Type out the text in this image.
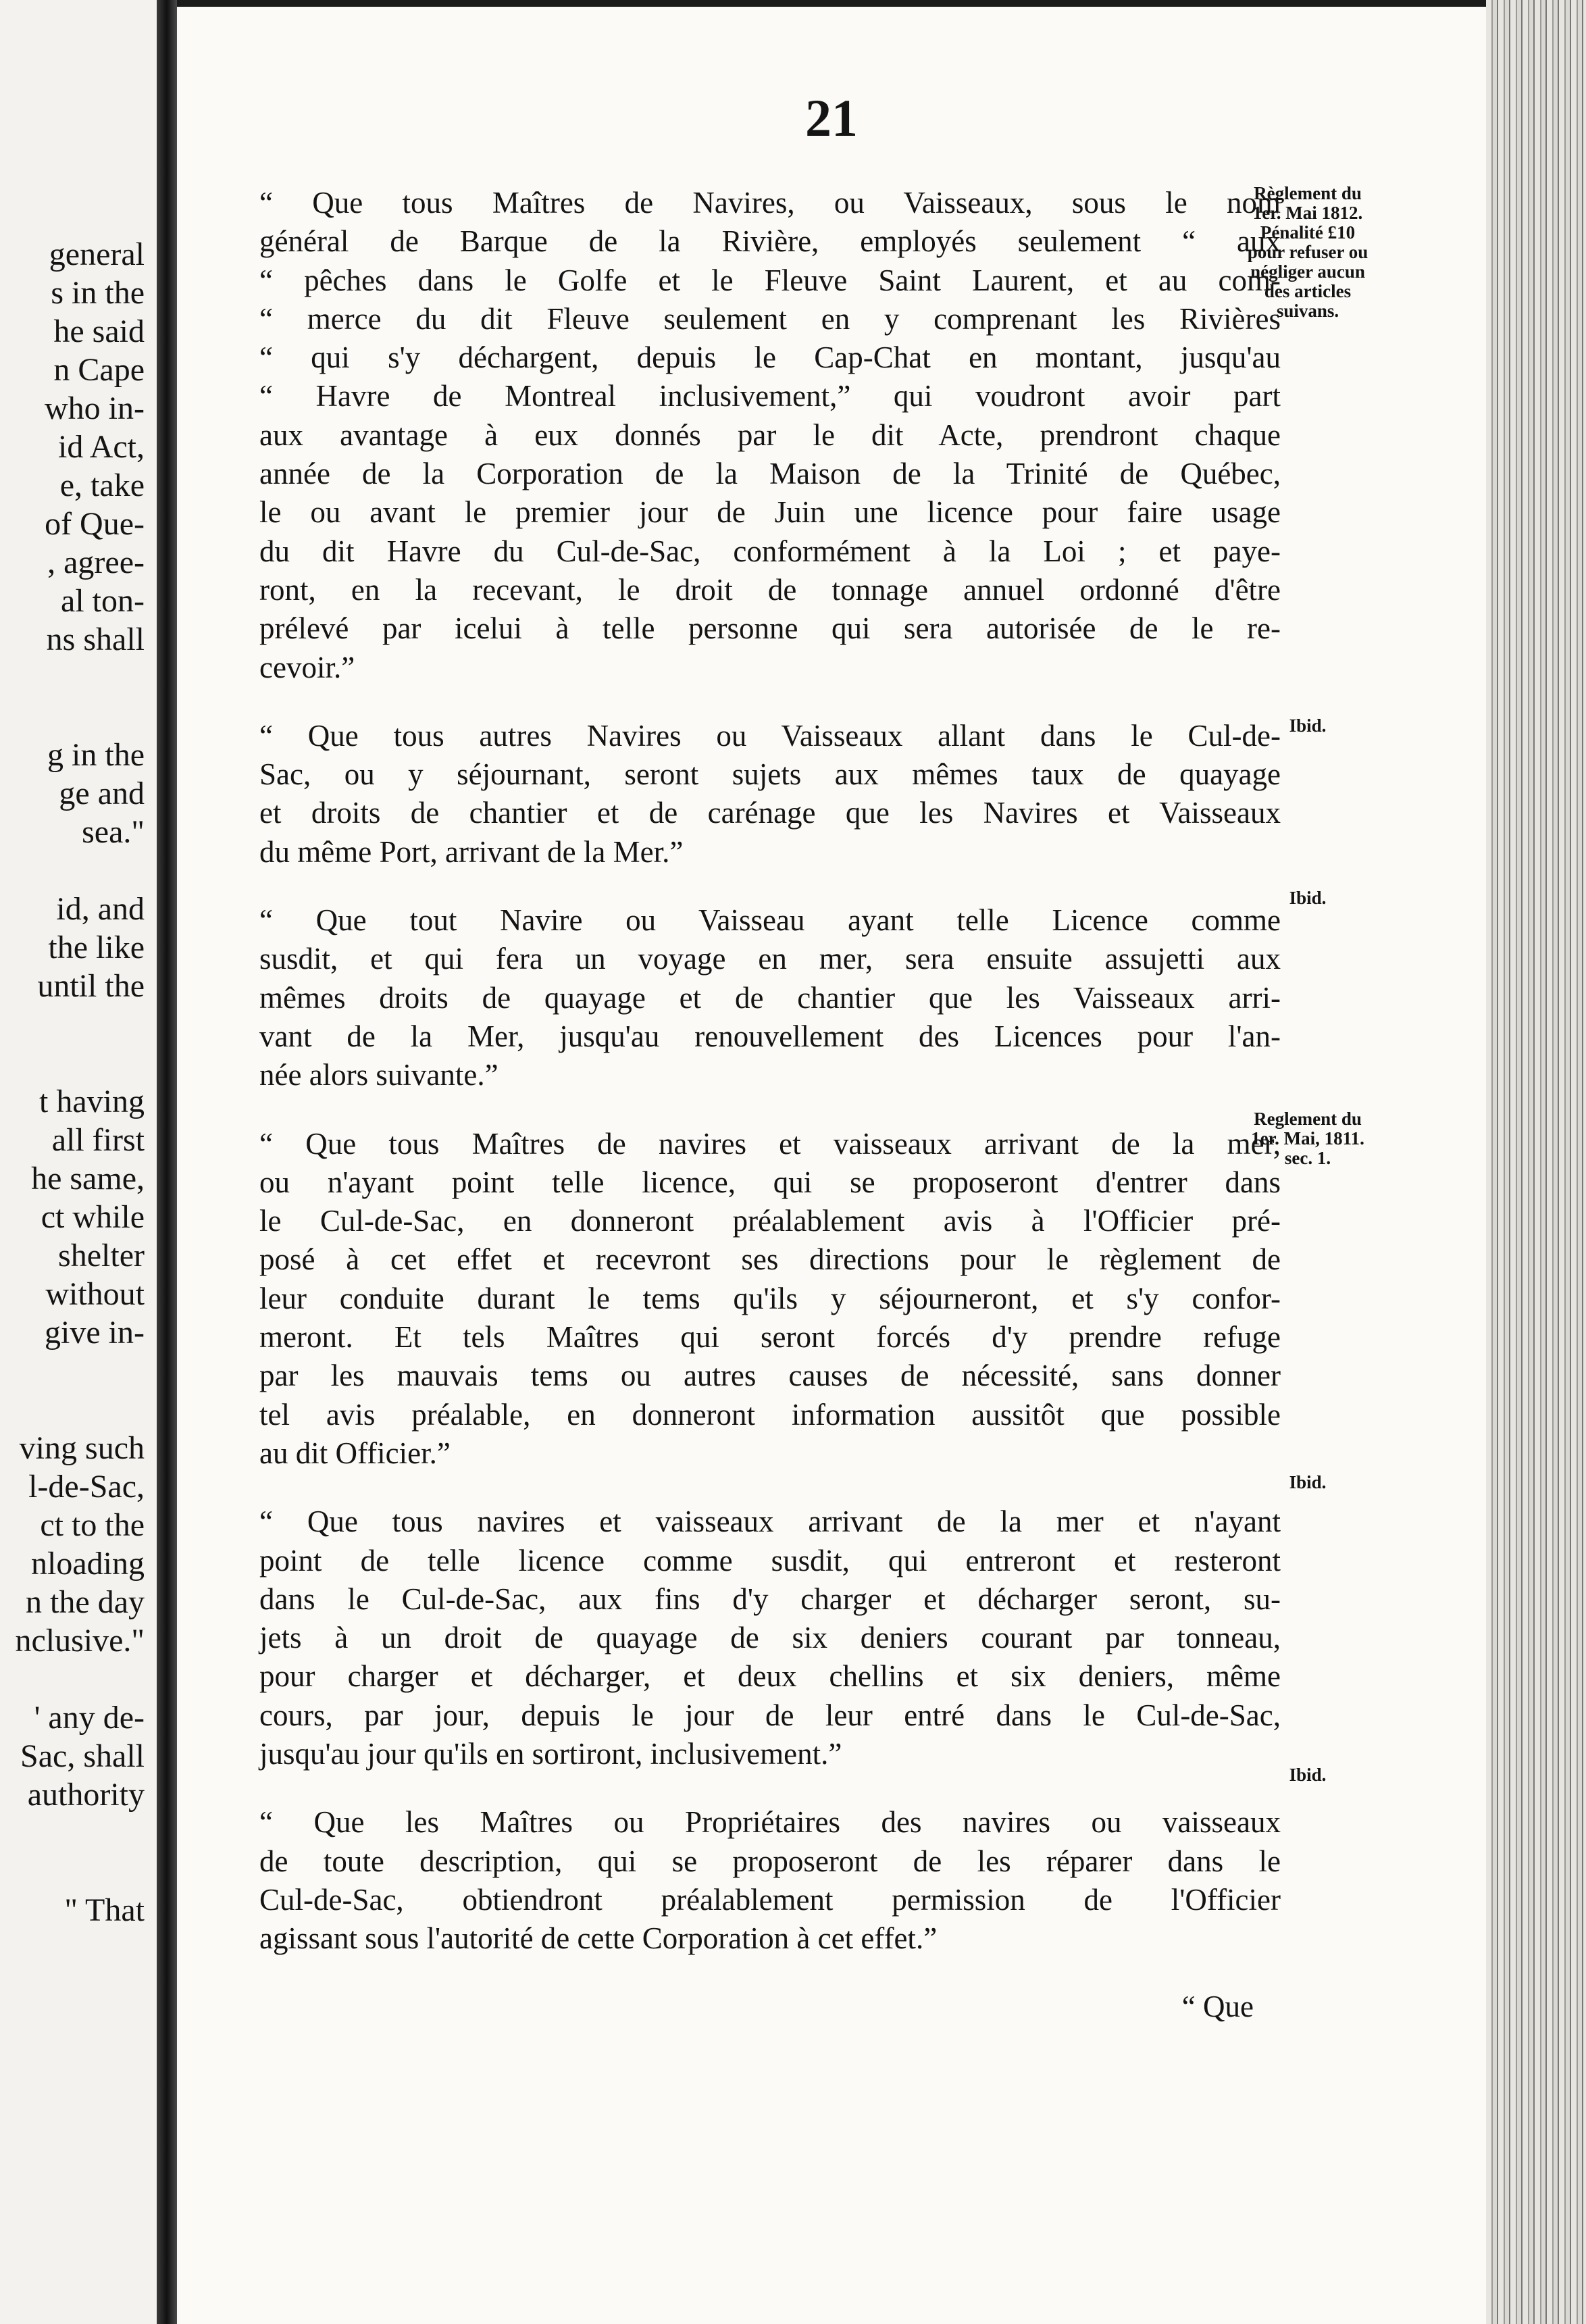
general
s in the
he said
n Cape
who in-
id Act,
e, take
of Que-
, agree-
al ton-
ns shall
g in the
ge and
sea."
id, and
the like
until the
t having
all first
he same,
ct while
shelter
without
give in-
ving such
l-de-Sac,
ct to the
nloading
n the day
nclusive."
' any de-
Sac, shall
authority
" That
21

“ Que tous Maîtres de Navires, ou Vaisseaux, sous le nom
général de Barque de la Rivière, employés seulement “ aux
“ pêches dans le Golfe et le Fleuve Saint Laurent, et au com-
“ merce du dit Fleuve seulement en y comprenant les Rivières
“ qui s'y déchargent, depuis le Cap-Chat en montant, jusqu'au
“ Havre de Montreal inclusivement,” qui voudront avoir part
aux avantage à eux donnés par le dit Acte, prendront chaque
année de la Corporation de la Maison de la Trinité de Québec,
le ou avant le premier jour de Juin une licence pour faire usage
du dit Havre du Cul-de-Sac, conformément à la Loi ; et paye-
ront, en la recevant, le droit de tonnage annuel ordonné d'être
prélevé par icelui à telle personne qui sera autorisée de le re-
cevoir.”

“ Que tous autres Navires ou Vaisseaux allant dans le Cul-de-
Sac, ou y séjournant, seront sujets aux mêmes taux de quayage
et droits de chantier et de carénage que les Navires et Vaisseaux
du même Port, arrivant de la Mer.”

“ Que tout Navire ou Vaisseau ayant telle Licence comme
susdit, et qui fera un voyage en mer, sera ensuite assujetti aux
mêmes droits de quayage et de chantier que les Vaisseaux arri-
vant de la Mer, jusqu'au renouvellement des Licences pour l'an-
née alors suivante.”

“ Que tous Maîtres de navires et vaisseaux arrivant de la mer,
ou n'ayant point telle licence, qui se proposeront d'entrer dans
le Cul-de-Sac, en donneront préalablement avis à l'Officier pré-
posé à cet effet et recevront ses directions pour le règlement de
leur conduite durant le tems qu'ils y séjourneront, et s'y confor-
meront. Et tels Maîtres qui seront forcés d'y prendre refuge
par les mauvais tems ou autres causes de nécessité, sans donner
tel avis préalable, en donneront information aussitôt que possible
au dit Officier.”

“ Que tous navires et vaisseaux arrivant de la mer et n'ayant
point de telle licence comme susdit, qui entreront et resteront
dans le Cul-de-Sac, aux fins d'y charger et décharger seront, su-
jets à un droit de quayage de six deniers courant par tonneau,
pour charger et décharger, et deux chellins et six deniers, même
cours, par jour, depuis le jour de leur entré dans le Cul-de-Sac,
jusqu'au jour qu'ils en sortiront, inclusivement.”

“ Que les Maîtres ou Propriétaires des navires ou vaisseaux
de toute description, qui se proposeront de les réparer dans le
Cul-de-Sac, obtiendront préalablement permission de l'Officier
agissant sous l'autorité de cette Corporation à cet effet.”

“ Que
Règlement du 1er. Mai 1812. Pénalité £10 pour refuser ou négliger aucun des articles suivans.
Ibid.
Ibid.
Reglement du 1er. Mai, 1811. sec. 1.
Ibid.
Ibid.
